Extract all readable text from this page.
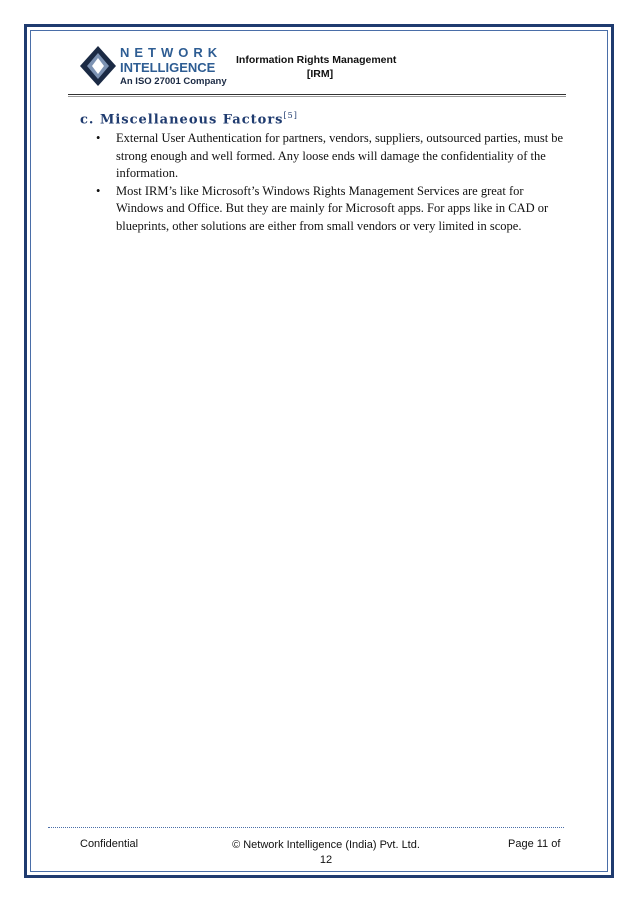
NETWORK
INTELLIGENCE
An ISO 27001 Company
Information Rights Management
[IRM]
c. Miscellaneous Factors[5]
• External User Authentication for partners, vendors, suppliers, outsourced parties, must be strong enough and well formed. Any loose ends will damage the confidentiality of the information.
• Most IRM’s like Microsoft’s Windows Rights Management Services are great for Windows and Office. But they are mainly for Microsoft apps. For apps like in CAD or blueprints, other solutions are either from small vendors or very limited in scope.
Confidential	© Network Intelligence (India) Pvt. Ltd.
12
Page 11 of
